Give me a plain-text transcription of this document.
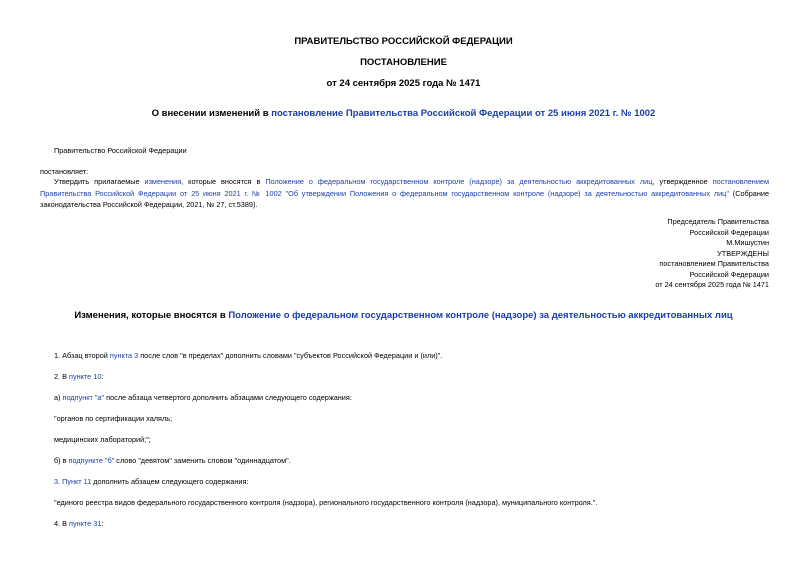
ПРАВИТЕЛЬСТВО РОССИЙСКОЙ ФЕДЕРАЦИИ
ПОСТАНОВЛЕНИЕ
от 24 сентября 2025 года № 1471
О внесении изменений в постановление Правительства Российской Федерации от 25 июня 2021 г. № 1002
Правительство Российской Федерации
постановляет:
Утвердить прилагаемые изменения, которые вносятся в Положение о федеральном государственном контроле (надзоре) за деятельностью аккредитованных лиц, утвержденное постановлением Правительства Российской Федерации от 25 июня 2021 г. № 1002 "Об утверждении Положения о федеральном государственном контроле (надзоре) за деятельностью аккредитованных лиц" (Собрание законодательства Российской Федерации, 2021, № 27, ст.5389).
Председатель Правительства
Российской Федерации
М.Мишустин
УТВЕРЖДЕНЫ
постановлением Правительства
Российской Федерации
от 24 сентября 2025 года № 1471
Изменения, которые вносятся в Положение о федеральном государственном контроле (надзоре) за деятельностью аккредитованных лиц
1. Абзац второй пункта 3 после слов "в пределах" дополнить словами "субъектов Российской Федерации и (или)".
2. В пункте 10:
а) подпункт "а" после абзаца четвертого дополнить абзацами следующего содержания:
"органов по сертификации халяль;
медицинских лабораторий;";
б) в подпункте "б" слово "девятом" заменить словом "одиннадцатом".
3. Пункт 11 дополнить абзацем следующего содержания:
"единого реестра видов федерального государственного контроля (надзора), регионального государственного контроля (надзора), муниципального контроля.".
4. В пункте 31:
